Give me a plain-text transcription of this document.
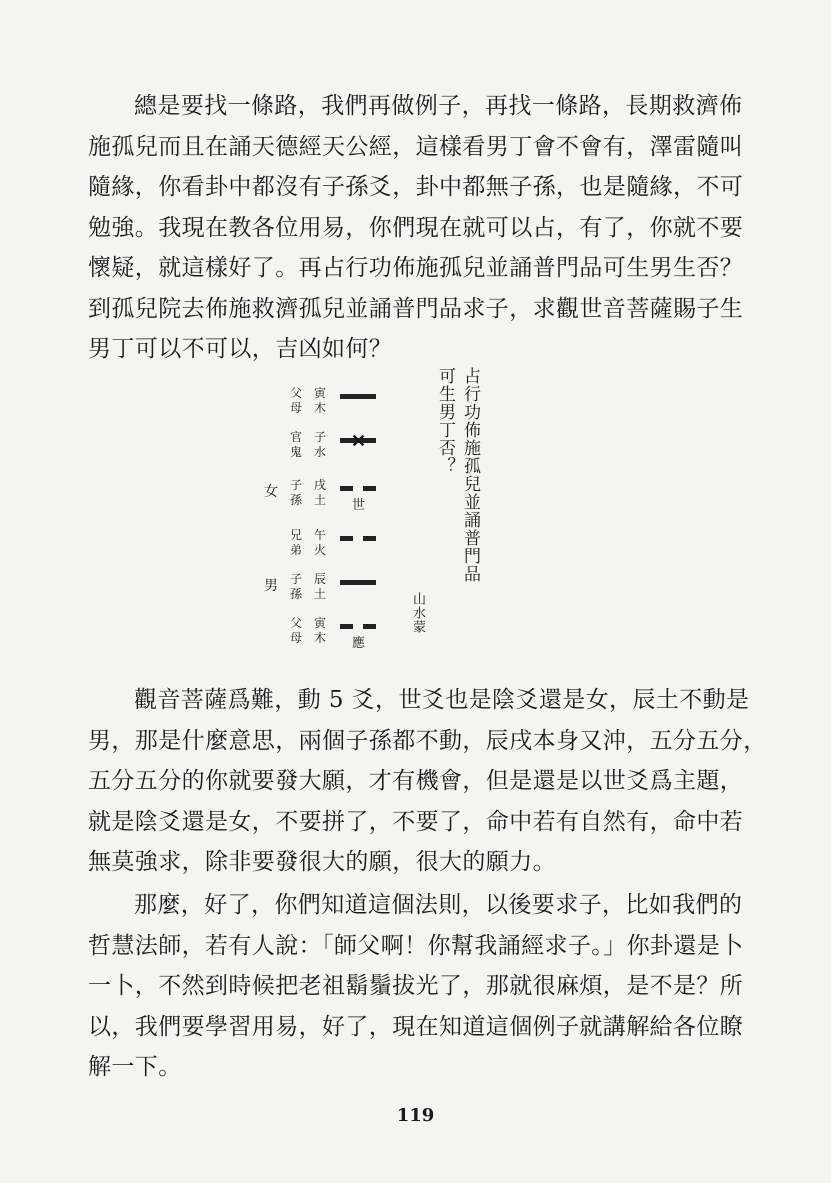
總是要找一條路，我們再做例子，再找一條路，長期救濟佈
施孤兒而且在誦天德經天公經，這樣看男丁會不會有，澤雷隨叫
隨緣，你看卦中都沒有子孫爻，卦中都無子孫，也是隨緣，不可
勉強。我現在教各位用易，你們現在就可以占，有了，你就不要
懷疑，就這樣好了。再占行功佈施孤兒並誦普門品可生男生否？
到孤兒院去佈施救濟孤兒並誦普門品求子，求觀世音菩薩賜子生
男丁可以不可以，吉凶如何？
父母
寅木
官鬼
子水 ✕
女 子孫
戌土 世
兄弟
午火
男 子孫
辰土
父母
寅木 應
占行功佈施孤兒並誦普門品
可生男丁否？
山水蒙
觀音菩薩爲難，動 5 爻，世爻也是陰爻還是女，辰土不動是
男，那是什麼意思，兩個子孫都不動，辰戌本身又沖，五分五分，
五分五分的你就要發大願，才有機會，但是還是以世爻爲主題，
就是陰爻還是女，不要拼了，不要了，命中若有自然有，命中若
無莫強求，除非要發很大的願，很大的願力。
那麼，好了，你們知道這個法則，以後要求子，比如我們的
哲慧法師，若有人說：「師父啊！你幫我誦經求子。」你卦還是卜
一卜，不然到時候把老祖鬍鬚拔光了，那就很麻煩，是不是？所
以，我們要學習用易，好了，現在知道這個例子就講解給各位瞭
解一下。
119
